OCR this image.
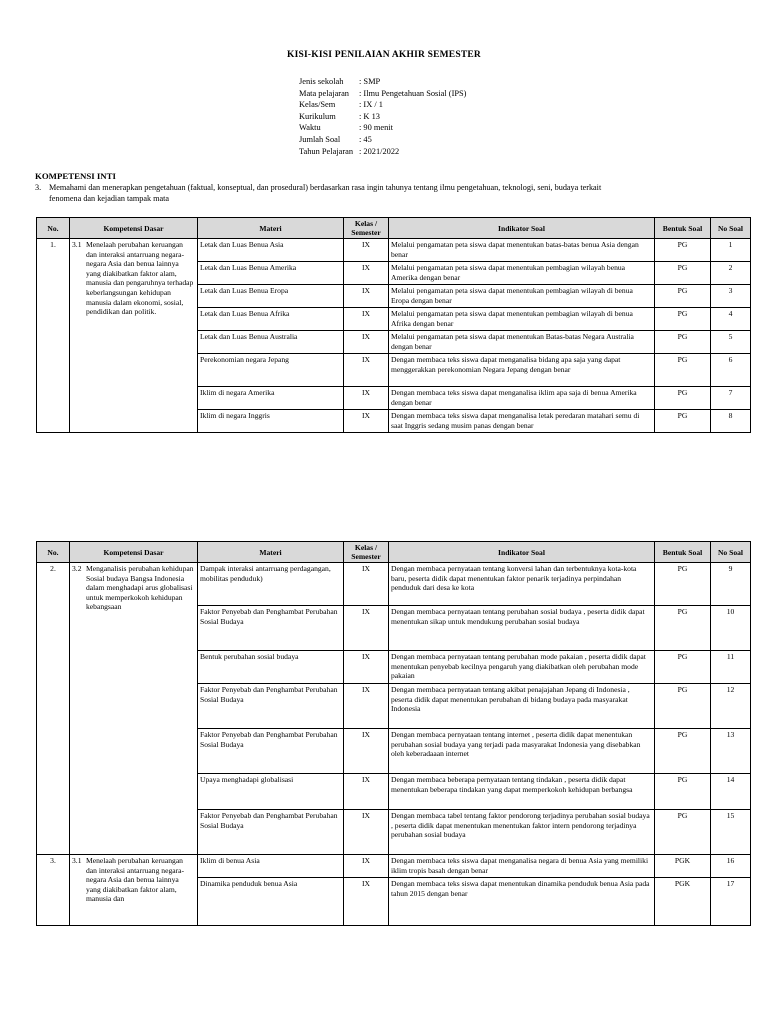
KISI-KISI PENILAIAN AKHIR SEMESTER
Jenis sekolah	: SMP
Mata pelajaran	: Ilmu Pengetahuan Sosial (IPS)
Kelas/Sem	: IX / 1
Kurikulum	: K 13
Waktu	: 90 menit
Jumlah Soal	: 45
Tahun Pelajaran : 2021/2022
KOMPETENSI INTI
3. Memahami dan menerapkan pengetahuan (faktual, konseptual, dan prosedural) berdasarkan rasa ingin tahunya tentang ilmu pengetahuan, teknologi, seni, budaya terkait
fenomena dan kejadian tampak mata
No.	Kompetensi Dasar	Materi	Kelas / Semester	Indikator Soal	Bentuk Soal	No Soal
1.	3.1 Menelaah perubahan keruangan dan interaksi antarruang negara-negara Asia dan benua lainnya yang diakibatkan faktor alam, manusia dan pengaruhnya terhadap keberlangsungan kehidupan manusia dalam ekonomi, sosial, pendidikan dan politik.	Letak dan Luas Benua Asia	IX	Melalui pengamatan peta siswa dapat menentukan batas-batas benua Asia dengan benar	PG	1
		Letak dan Luas Benua Amerika	IX	Melalui pengamatan peta siswa dapat menentukan pembagian wilayah benua Amerika dengan benar	PG	2
		Letak dan Luas Benua Eropa	IX	Melalui pengamatan peta siswa dapat menentukan pembagian wilayah di benua Eropa dengan benar	PG	3
		Letak dan Luas Benua Afrika	IX	Melalui pengamatan peta siswa dapat menentukan pembagian wilayah di benua Afrika dengan benar	PG	4
		Letak dan Luas Benua Australia	IX	Melalui pengamatan peta siswa dapat menentukan Batas-batas Negara Australia dengan benar	PG	5
		Perekonomian negara Jepang	IX	Dengan membaca teks siswa dapat menganalisa bidang apa saja yang dapat menggerakkan perekonomian Negara Jepang dengan benar	PG	6
		Iklim di negara Amerika	IX	Dengan membaca teks siswa dapat menganalisa iklim apa saja di benua Amerika dengan benar	PG	7
		Iklim di negara Inggris	IX	Dengan membaca teks siswa dapat menganalisa letak peredaran matahari semu di saat Inggris sedang musim panas dengan benar	PG	8
No.	Kompetensi Dasar	Materi	Kelas / Semester	Indikator Soal	Bentuk Soal	No Soal
2.	3.2 Menganalisis perubahan kehidupan Sosial budaya Bangsa Indonesia dalam menghadapi arus globalisasi untuk memperkokoh kehidupan kebangsaan	Dampak interaksi antarruang perdagangan, mobilitas penduduk)	IX	Dengan membaca pernyataan tentang konversi lahan dan terbentuknya kota-kota baru, peserta didik dapat menentukan faktor penarik terjadinya perpindahan penduduk dari desa ke kota	PG	9
		Faktor Penyebab dan Penghambat Perubahan Sosial Budaya	IX	Dengan membaca pernyataan tentang perubahan sosial budaya , peserta didik dapat menentukan sikap untuk mendukung perubahan sosial budaya	PG	10
		Bentuk perubahan sosial budaya	IX	Dengan membaca pernyataan tentang perubahan mode pakaian , peserta didik dapat menentukan penyebab kecilnya pengaruh yang diakibatkan oleh perubahan mode pakaian	PG	11
		Faktor Penyebab dan Penghambat Perubahan Sosial Budaya	IX	Dengan membaca pernyataan tentang akibat penajajahan Jepang di Indonesia , peserta didik dapat menentukan perubahan di bidang budaya pada masyarakat Indonesia	PG	12
		Faktor Penyebab dan Penghambat Perubahan Sosial Budaya	IX	Dengan membaca pernyataan tentang internet , peserta didik dapat menentukan perubahan sosial budaya yang terjadi pada masyarakat Indonesia yang disebabkan oleh keberadaaan internet	PG	13
		Upaya menghadapi globalisasi	IX	Dengan membaca beberapa pernyataan tentang tindakan , peserta didik dapat menentukan beberapa tindakan yang dapat memperkokoh kehidupan berbangsa	PG	14
		Faktor Penyebab dan Penghambat Perubahan Sosial Budaya	IX	Dengan membaca tabel tentang faktor pendorong terjadinya perubahan sosial budaya , peserta didik dapat menentukan menentukan faktor intern pendorong terjadinya perubahan sosial budaya	PG	15
3.	3.1 Menelaah perubahan keruangan dan interaksi antarruang negara-negara Asia dan benua lainnya yang diakibatkan faktor alam, manusia dan	Iklim di benua Asia	IX	Dengan membaca teks siswa dapat menganalisa negara di benua Asia yang memiliki iklim tropis basah dengan benar	PGK	16
		Dinamika penduduk benua Asia	IX	Dengan membaca teks siswa dapat menentukan dinamika penduduk benua Asia pada tahun 2015 dengan benar	PGK	17
